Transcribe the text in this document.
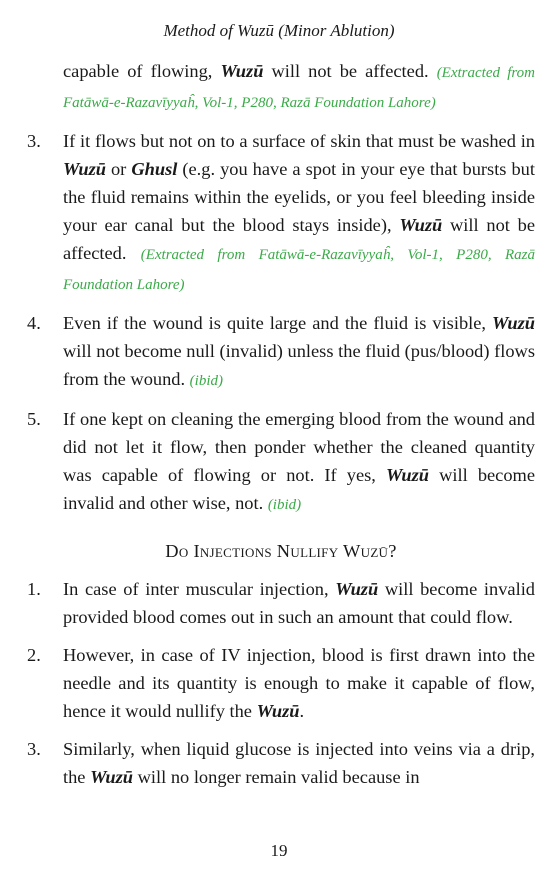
Method of Wuzū (Minor Ablution)

capable of flowing, Wuzū will not be affected. (Extracted from Fatāwā-e-Razavīyyaĥ, Vol-1, P280, Razā Foundation Lahore)

3. If it flows but not on to a surface of skin that must be washed in Wuzū or Ghusl (e.g. you have a spot in your eye that bursts but the fluid remains within the eyelids, or you feel bleeding inside your ear canal but the blood stays inside), Wuzū will not be affected. (Extracted from Fatāwā-e-Razavīyyaĥ, Vol-1, P280, Razā Foundation Lahore)

4. Even if the wound is quite large and the fluid is visible, Wuzū will not become null (invalid) unless the fluid (pus/blood) flows from the wound. (ibid)

5. If one kept on cleaning the emerging blood from the wound and did not let it flow, then ponder whether the cleaned quantity was capable of flowing or not. If yes, Wuzū will become invalid and other wise, not. (ibid)

Do Injections Nullify Wuzū?

1. In case of inter muscular injection, Wuzū will become invalid provided blood comes out in such an amount that could flow.

2. However, in case of IV injection, blood is first drawn into the needle and its quantity is enough to make it capable of flow, hence it would nullify the Wuzū.

3. Similarly, when liquid glucose is injected into veins via a drip, the Wuzū will no longer remain valid because in

19
